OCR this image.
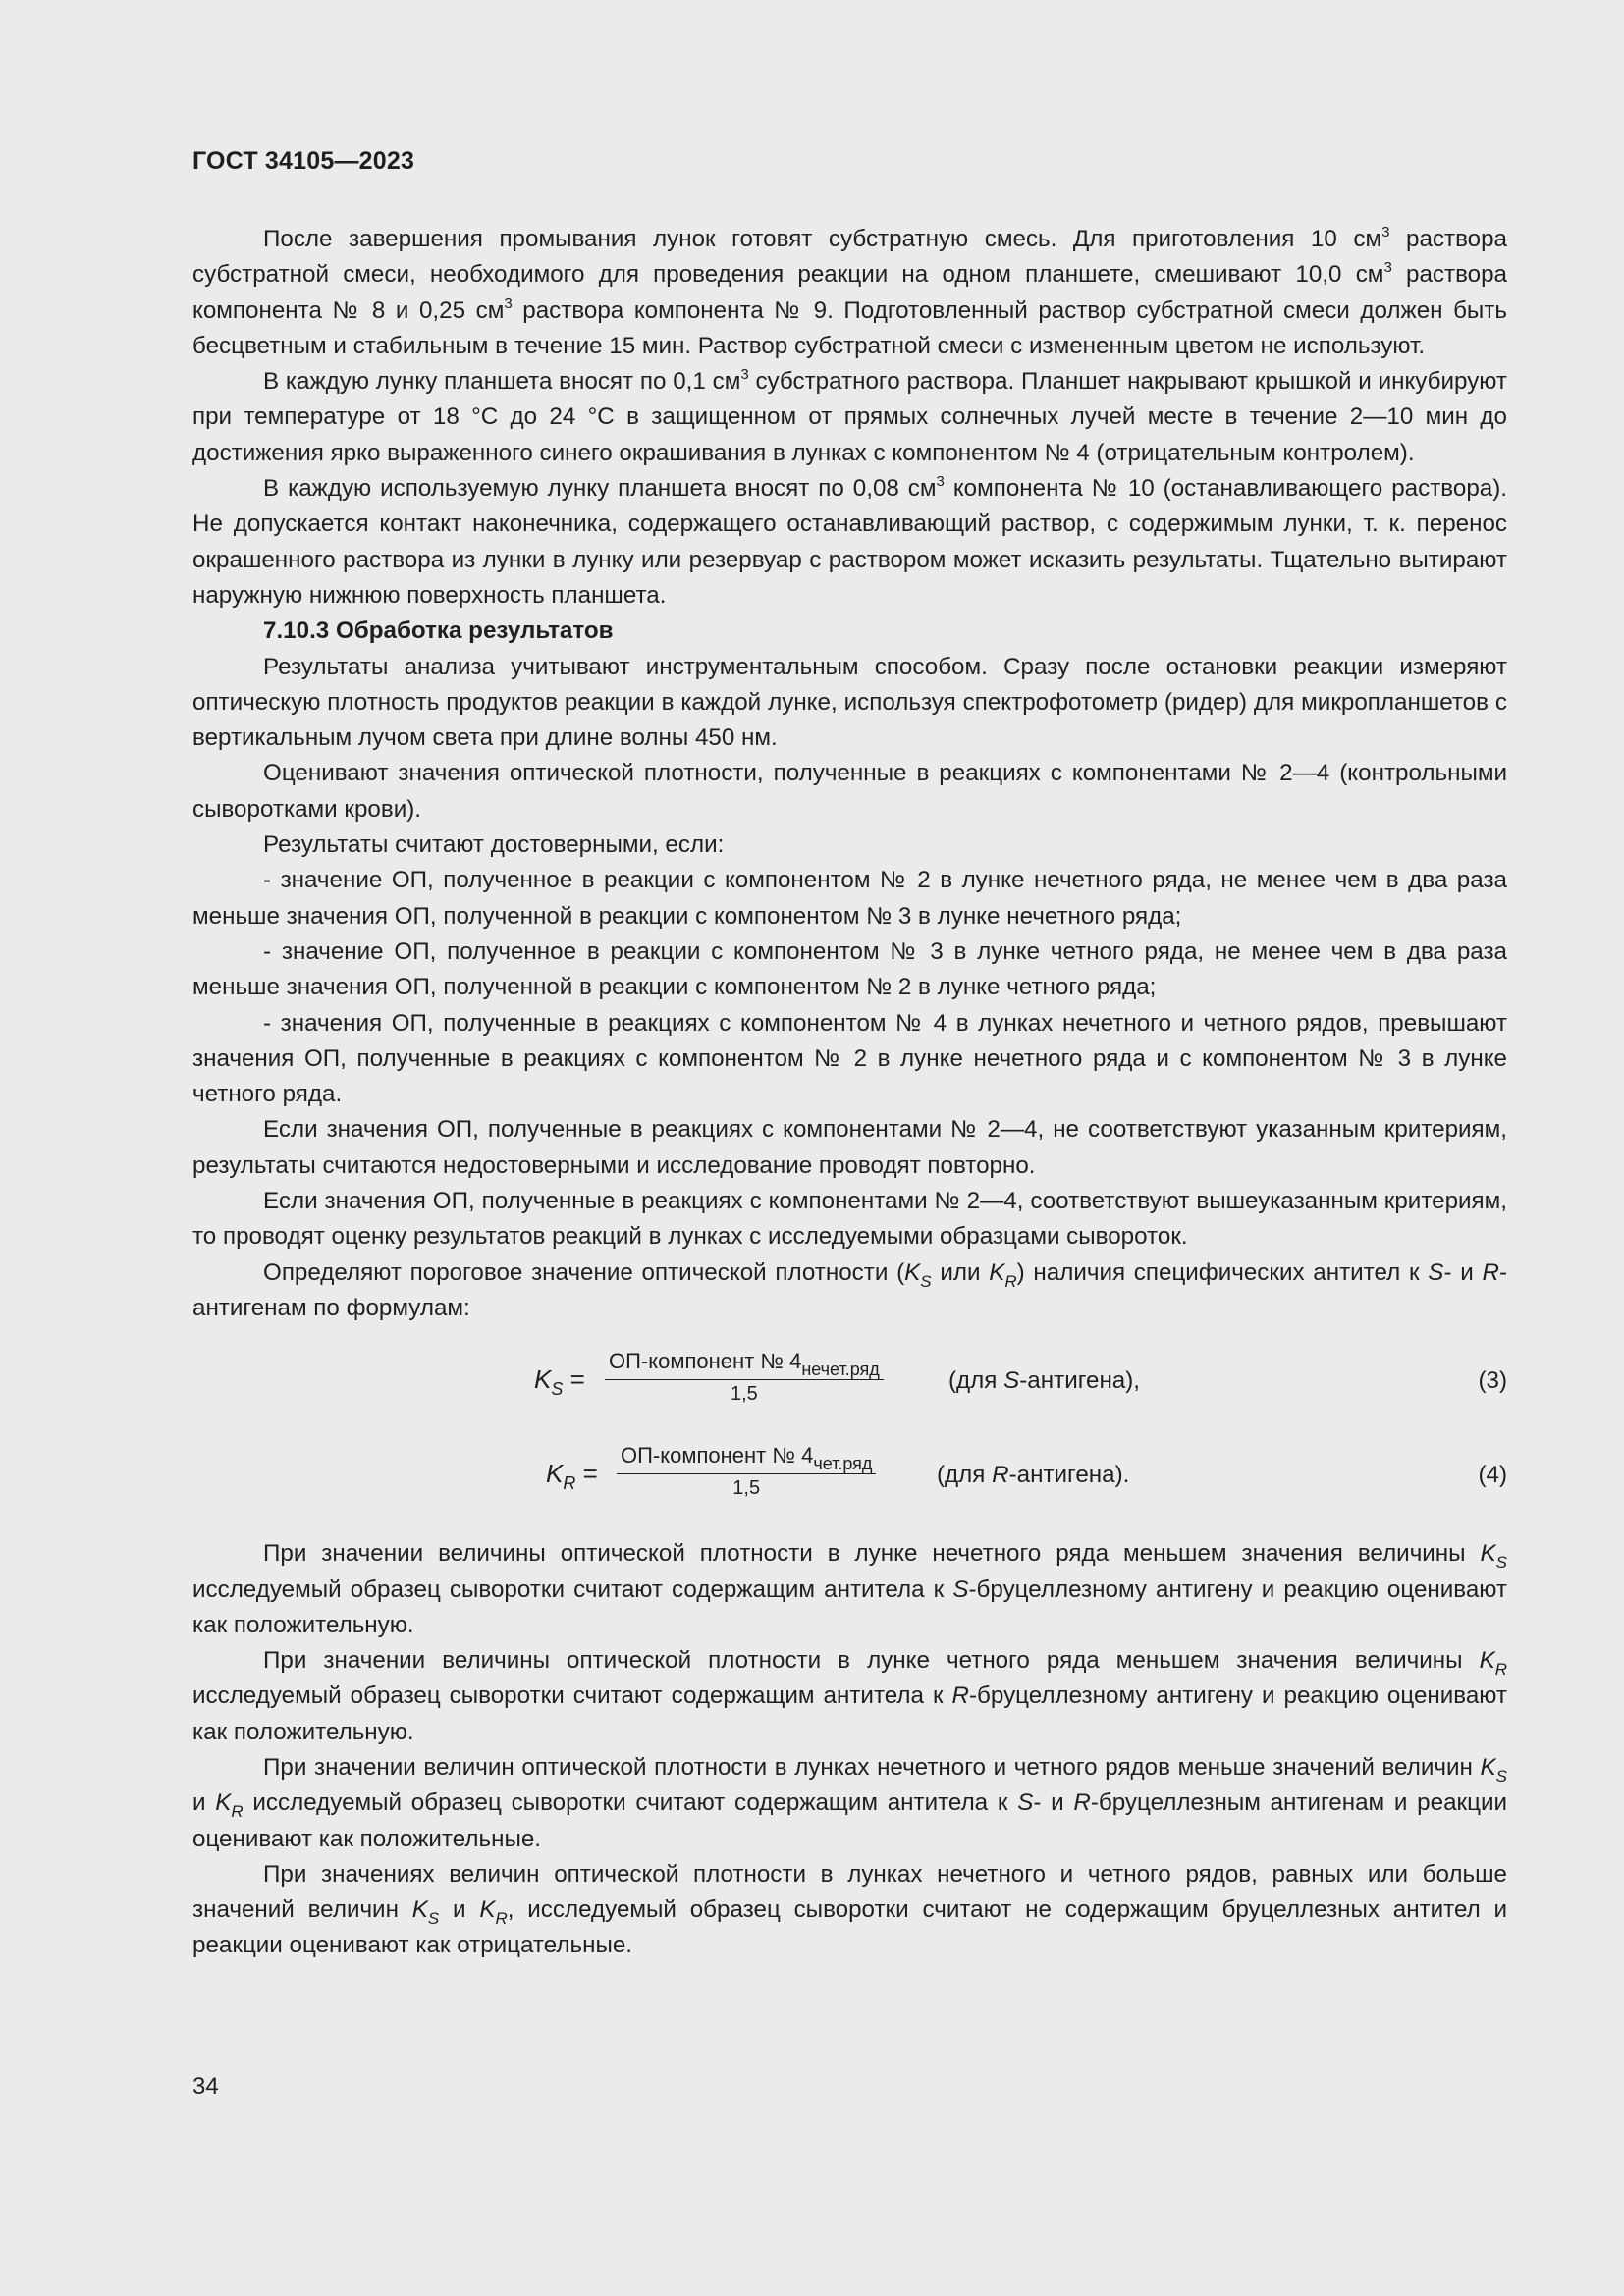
ГОСТ 34105—2023

После завершения промывания лунок готовят субстратную смесь. Для приготовления 10 $см^3$ раствора субстратной смеси, необходимого для проведения реакции на одном планшете, смешивают 10,0 $см^3$ раствора компонента № 8 и 0,25 $см^3$ раствора компонента № 9. Подготовленный раствор субстратной смеси должен быть бесцветным и стабильным в течение 15 мин. Раствор субстратной смеси с измененным цветом не используют.

В каждую лунку планшета вносят по 0,1 $см^3$ субстратного раствора. Планшет накрывают крышкой и инкубируют при температуре от 18 °С до 24 °С в защищенном от прямых солнечных лучей месте в течение 2—10 мин до достижения ярко выраженного синего окрашивания в лунках с компонентом № 4 (отрицательным контролем).

В каждую используемую лунку планшета вносят по 0,08 $см^3$ компонента № 10 (останавливающего раствора). Не допускается контакт наконечника, содержащего останавливающий раствор, с содержимым лунки, т. к. перенос окрашенного раствора из лунки в лунку или резервуар с раствором может исказить результаты. Тщательно вытирают наружную нижнюю поверхность планшета.

7.10.3 Обработка результатов

Результаты анализа учитывают инструментальным способом. Сразу после остановки реакции измеряют оптическую плотность продуктов реакции в каждой лунке, используя спектрофотометр (ридер) для микропланшетов с вертикальным лучом света при длине волны 450 нм.

Оценивают значения оптической плотности, полученные в реакциях с компонентами № 2—4 (контрольными сыворотками крови).

Результаты считают достоверными, если:

- значение ОП, полученное в реакции с компонентом № 2 в лунке нечетного ряда, не менее чем в два раза меньше значения ОП, полученной в реакции с компонентом № 3 в лунке нечетного ряда;

- значение ОП, полученное в реакции с компонентом № 3 в лунке четного ряда, не менее чем в два раза меньше значения ОП, полученной в реакции с компонентом № 2 в лунке четного ряда;

- значения ОП, полученные в реакциях с компонентом № 4 в лунках нечетного и четного рядов, превышают значения ОП, полученные в реакциях с компонентом № 2 в лунке нечетного ряда и с компонентом № 3 в лунке четного ряда.

Если значения ОП, полученные в реакциях с компонентами № 2—4, не соответствуют указанным критериям, результаты считаются недостоверными и исследование проводят повторно.

Если значения ОП, полученные в реакциях с компонентами № 2—4, соответствуют вышеуказанным критериям, то проводят оценку результатов реакций в лунках с исследуемыми образцами сывороток.

Определяют пороговое значение оптической плотности ($K_S$ или $K_R$) наличия специфических антител к S- и R-антигенам по формулам:

$K_S$ =
ОП-компонент № $4_{нечет.ряд}$
1,5	(для S-антигена),	(3)
$K_R$ =
ОП-компонент № $4_{чет.ряд}$
1,5	(для R-антигена).	(4)

При значении величины оптической плотности в лунке нечетного ряда меньшем значения величины $K_S$ исследуемый образец сыворотки считают содержащим антитела к S-бруцеллезному антигену и реакцию оценивают как положительную.

При значении величины оптической плотности в лунке четного ряда меньшем значения величины $K_R$ исследуемый образец сыворотки считают содержащим антитела к R-бруцеллезному антигену и реакцию оценивают как положительную.

При значении величин оптической плотности в лунках нечетного и четного рядов меньше значений величин $K_S$ и $K_R$ исследуемый образец сыворотки считают содержащим антитела к S- и R-бруцеллезным антигенам и реакции оценивают как положительные.

При значениях величин оптической плотности в лунках нечетного и четного рядов, равных или больше значений величин $K_S$ и $K_R$, исследуемый образец сыворотки считают не содержащим бруцеллезных антител и реакции оценивают как отрицательные.

34
